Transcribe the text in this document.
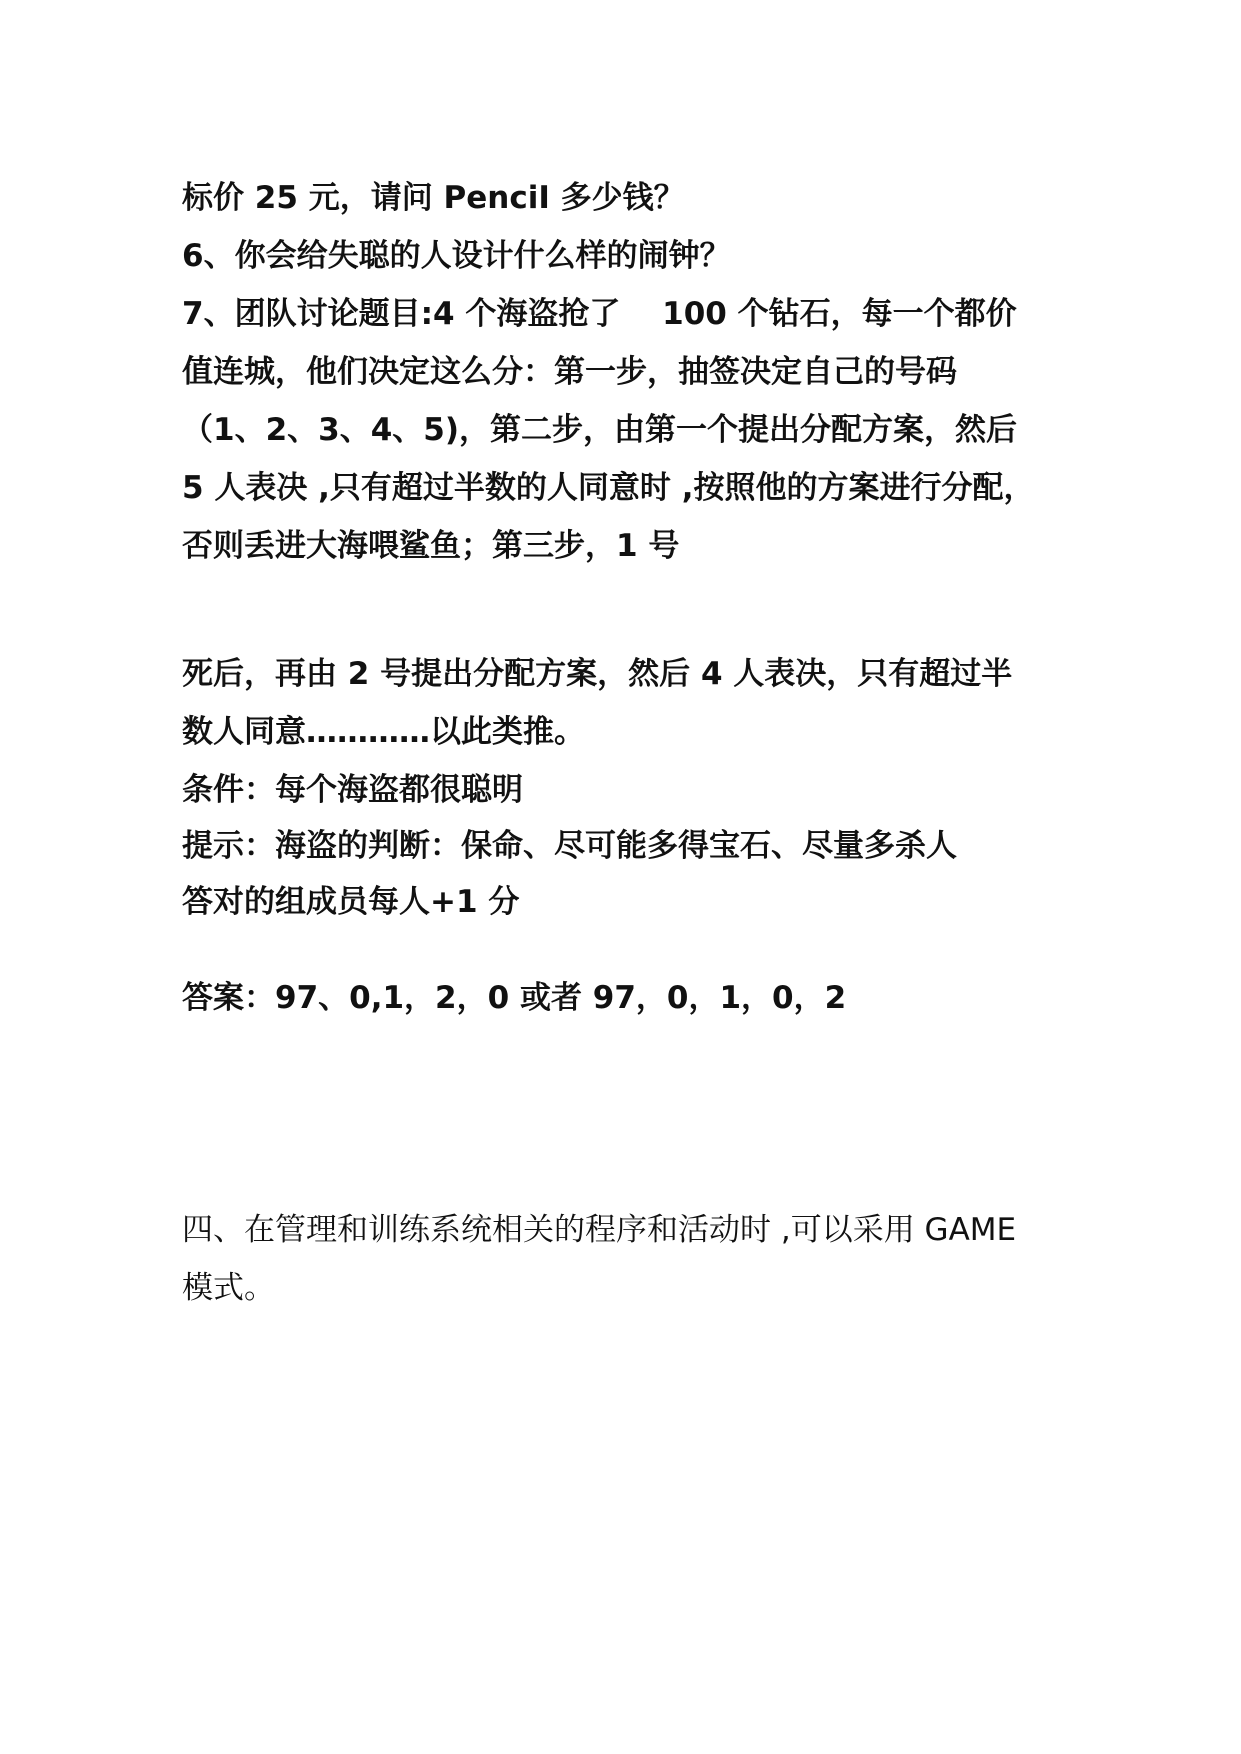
标价 25 元，请问 PenciI 多少钱？
6、你会给失聪的人设计什么样的闹钟？
7、团队讨论题目:4 个海盗抢了　 100 个钻石，每一个都价
值连城，他们决定这么分：第一步，抽签决定自己的号码
（1、2、3、4、5)，第二步，由第一个提出分配方案，然后
5 人表决 ,只有超过半数的人同意时 ,按照他的方案进行分配，
否则丢进大海喂鲨鱼；第三步，1 号
死后，再由 2 号提出分配方案，然后 4 人表决，只有超过半
数人同意…………以此类推。
条件：每个海盗都很聪明
提示：海盗的判断：保命、尽可能多得宝石、尽量多杀人
答对的组成员每人+1 分
答案：97、0,1，2，0 或者 97，0，1，0，2
四、在管理和训练系统相关的程序和活动时 ,可以采用 GAME
模式。
